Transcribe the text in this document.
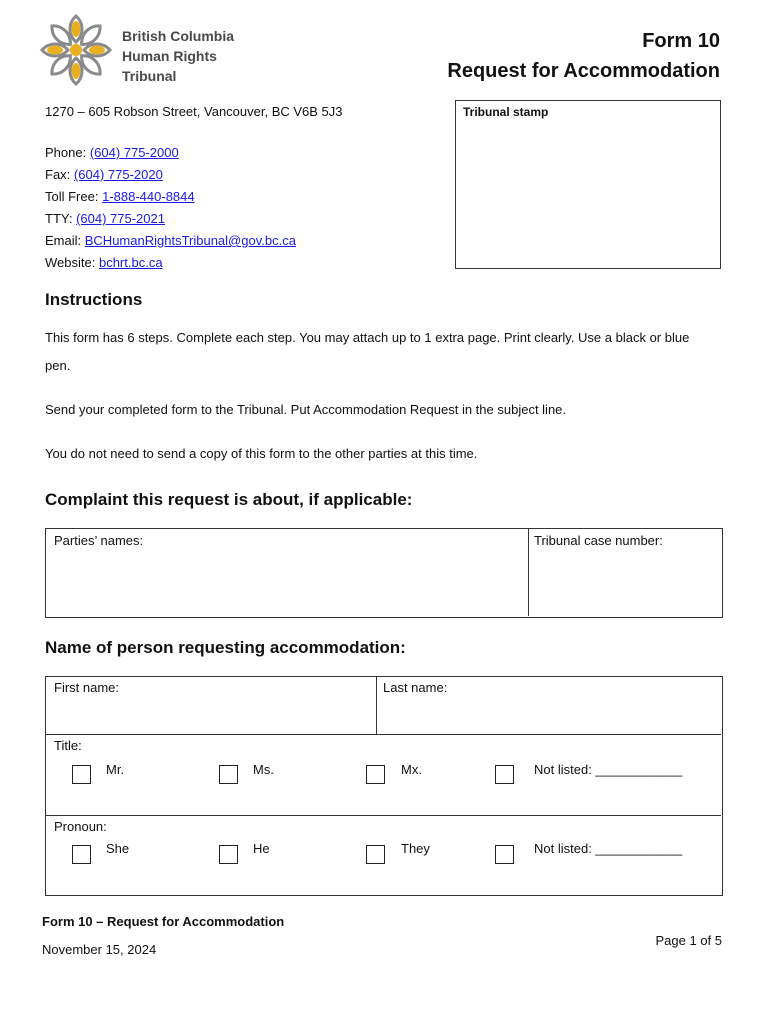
British Columbia
Human Rights
Tribunal
Form 10
Request for Accommodation
1270 – 605 Robson Street, Vancouver, BC V6B 5J3
Phone: (604) 775-2000
Fax: (604) 775-2020
Toll Free: 1-888-440-8844
TTY: (604) 775-2021
Email: BCHumanRightsTribunal@gov.bc.ca
Website: bchrt.bc.ca
Tribunal stamp
Instructions
This form has 6 steps. Complete each step. You may attach up to 1 extra page. Print clearly. Use a black or blue pen.
Send your completed form to the Tribunal. Put Accommodation Request in the subject line.
You do not need to send a copy of this form to the other parties at this time.
Complaint this request is about, if applicable:
Parties’ names:	Tribunal case number:
Name of person requesting accommodation:
First name:	Last name:
Title:
Mr.	Ms.	Mx.	Not listed: ____________
Pronoun:
She	He	They	Not listed: ____________
Form 10 – Request for Accommodation
November 15, 2024
Page 1 of 5
